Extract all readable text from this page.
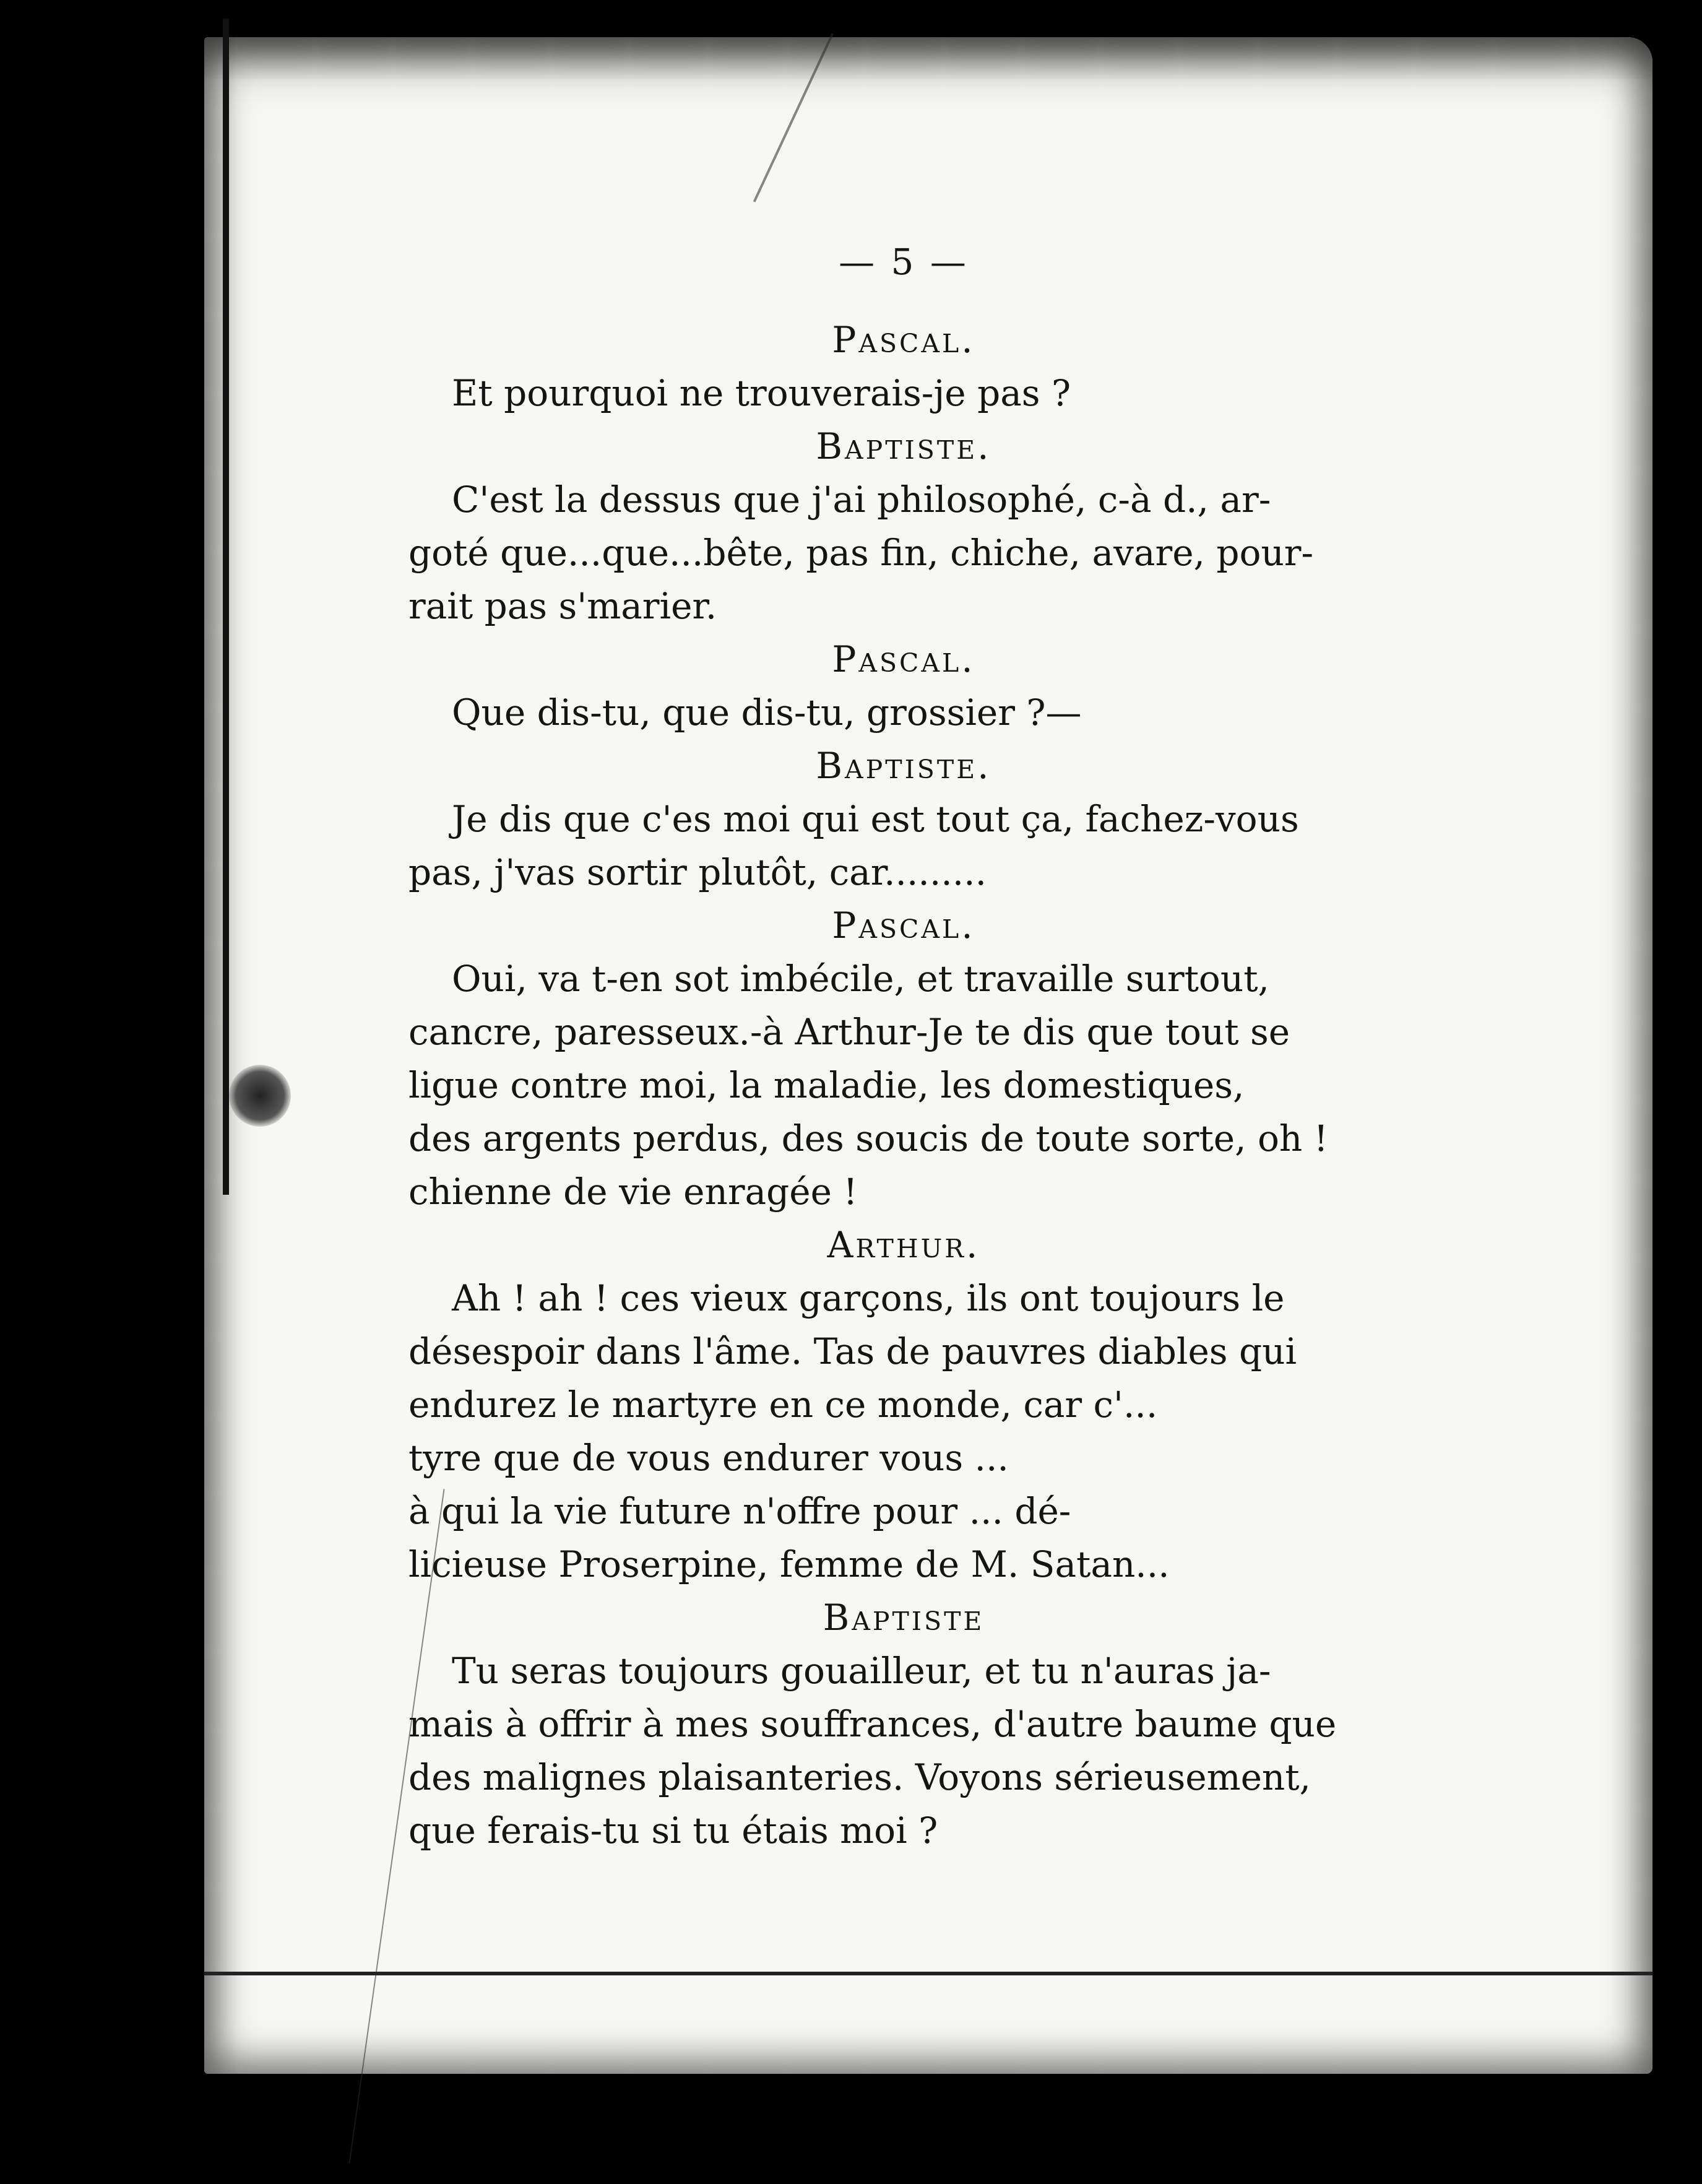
— 5 —

Pascal.

Et pourquoi ne trouverais-je pas ?

Baptiste.

C'est la dessus que j'ai philosophé, c-à d., ar-

goté que...que...bête, pas fin, chiche, avare, pour-

rait pas s'marier.

Pascal.

Que dis-tu, que dis-tu, grossier ?—

Baptiste.

Je dis que c'es moi qui est tout ça, fachez-vous

pas, j'vas sortir plutôt, car.........

Pascal.

Oui, va t-en sot imbécile, et travaille surtout,

cancre, paresseux.-à Arthur-Je te dis que tout se

ligue contre moi, la maladie, les domestiques,

des argents perdus, des soucis de toute sorte, oh !

chienne de vie enragée !

Arthur.

Ah ! ah ! ces vieux garçons, ils ont toujours le

désespoir dans l'âme. Tas de pauvres diables qui

endurez le martyre en ce monde, car c'...

tyre que de vous endurer vous ...

à qui la vie future n'offre pour ... dé-

licieuse Proserpine, femme de M. Satan...

Baptiste

Tu seras toujours gouailleur, et tu n'auras ja-

mais à offrir à mes souffrances, d'autre baume que

des malignes plaisanteries. Voyons sérieusement,

que ferais-tu si tu étais moi ?
